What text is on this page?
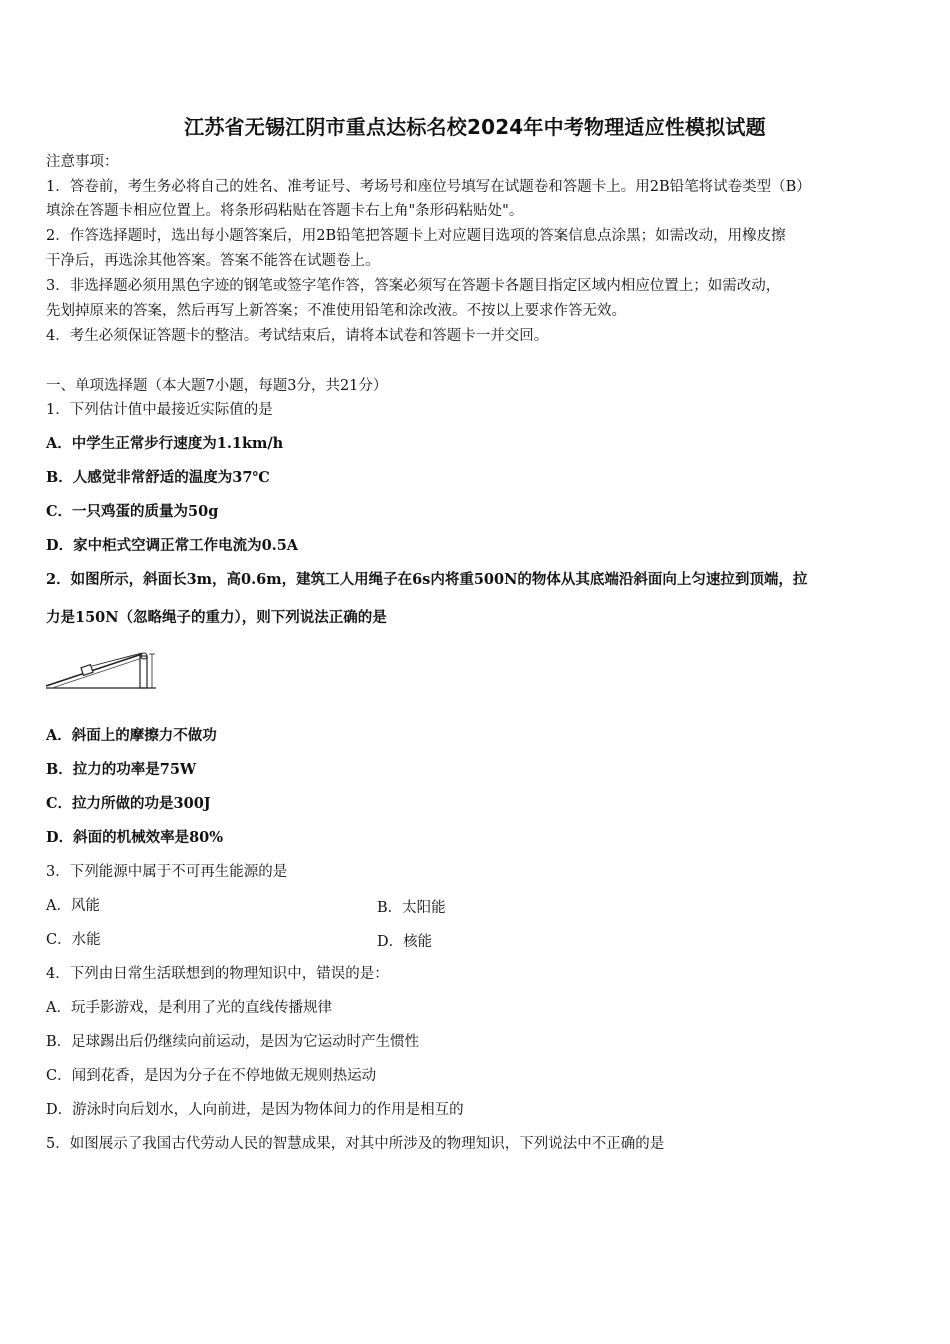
江苏省无锡江阴市重点达标名校2024年中考物理适应性模拟试题
注意事项：
1．答卷前，考生务必将自己的姓名、准考证号、考场号和座位号填写在试题卷和答题卡上。用2B铅笔将试卷类型（B）
填涂在答题卡相应位置上。将条形码粘贴在答题卡右上角"条形码粘贴处"。
2．作答选择题时，选出每小题答案后，用2B铅笔把答题卡上对应题目选项的答案信息点涂黑；如需改动，用橡皮擦
干净后，再选涂其他答案。答案不能答在试题卷上。
3．非选择题必须用黑色字迹的钢笔或签字笔作答，答案必须写在答题卡各题目指定区域内相应位置上；如需改动，
先划掉原来的答案，然后再写上新答案；不准使用铅笔和涂改液。不按以上要求作答无效。
4．考生必须保证答题卡的整洁。考试结束后，请将本试卷和答题卡一并交回。
一、单项选择题（本大题7小题，每题3分，共21分）
1．下列估计值中最接近实际值的是
A．中学生正常步行速度为1.1km/h
B．人感觉非常舒适的温度为37℃
C．一只鸡蛋的质量为50g
D．家中柜式空调正常工作电流为0.5A
2．如图所示，斜面长3m，高0.6m，建筑工人用绳子在6s内将重500N的物体从其底端沿斜面向上匀速拉到顶端，拉
力是150N（忽略绳子的重力），则下列说法正确的是
A．斜面上的摩擦力不做功
B．拉力的功率是75W
C．拉力所做的功是300J
D．斜面的机械效率是80%
3．下列能源中属于不可再生能源的是
A．风能	B．太阳能
C．水能	D．核能
4．下列由日常生活联想到的物理知识中，错误的是：
A．玩手影游戏，是利用了光的直线传播规律
B．足球踢出后仍继续向前运动，是因为它运动时产生惯性
C．闻到花香，是因为分子在不停地做无规则热运动
D．游泳时向后划水，人向前进，是因为物体间力的作用是相互的
5．如图展示了我国古代劳动人民的智慧成果，对其中所涉及的物理知识，下列说法中不正确的是
